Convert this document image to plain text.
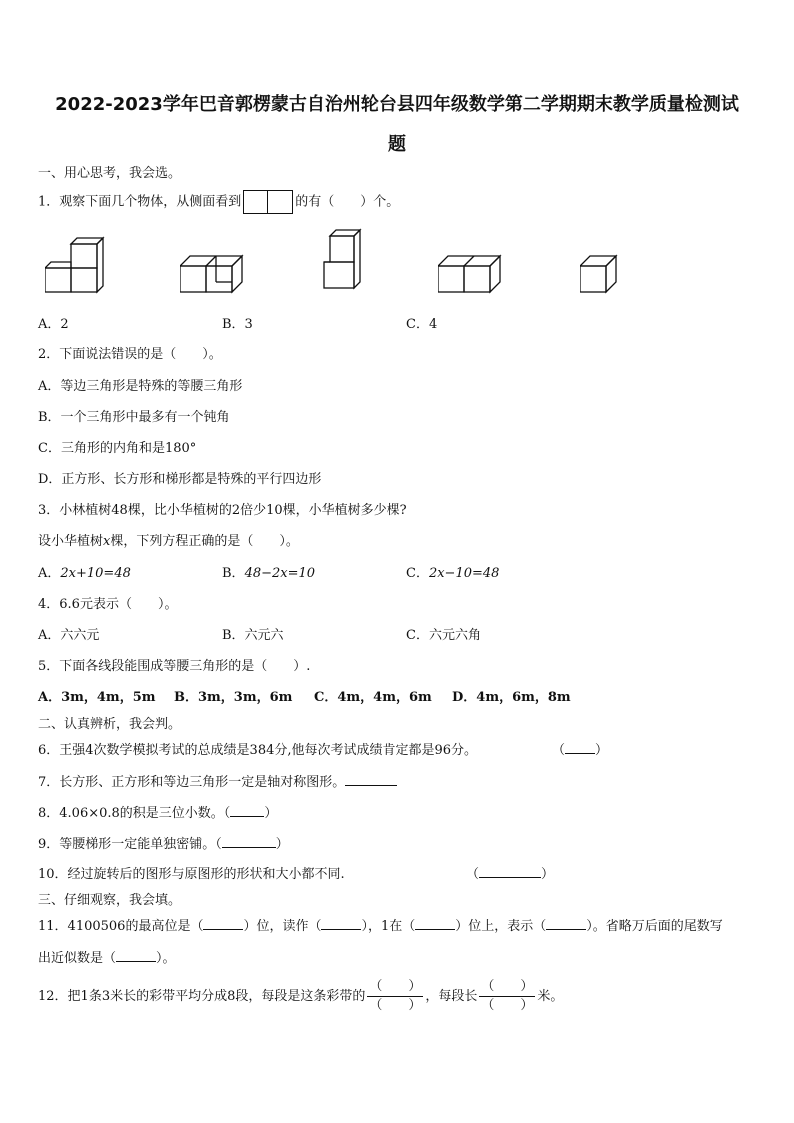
2022-2023学年巴音郭楞蒙古自治州轮台县四年级数学第二学期期末教学质量检测试
题
一、用心思考，我会选。
1．观察下面几个物体，从侧面看到	的有（　　）个。
A．2	B．3	C．4
2．下面说法错误的是（　　）。
A．等边三角形是特殊的等腰三角形
B．一个三角形中最多有一个钝角
C．三角形的内角和是180°
D．正方形、长方形和梯形都是特殊的平行四边形
3．小林植树48棵，比小华植树的2倍少10棵，小华植树多少棵?
设小华植树x棵，下列方程正确的是（　　）。
A．2x+10=48	B．48−2x=10	C．2x−10=48
4．6.6元表示（　　）。
A．六六元	B．六元六	C．六元六角
5．下面各线段能围成等腰三角形的是（　　）.
A．3m，4m，5m B．3m，3m，6m C．4m，4m，6m D．4m，6m，8m
二、认真辨析，我会判。
6．王强4次数学模拟考试的总成绩是384分,他每次考试成绩肯定都是96分。	（ ）
7．长方形、正方形和等边三角形一定是轴对称图形。
8．4.06×0.8的积是三位小数。（	）
9．等腰梯形一定能单独密铺。（	）
10．经过旋转后的图形与原图形的形状和大小都不同.	（	）
三、仔细观察，我会填。
11．4100506的最高位是（	）位，读作（	），1在（	）位上，表示（	）。省略万后面的尾数写
出近似数是（	）。
12．把1条3米长的彩带平均分成8段，每段是这条彩带的 $\frac{( )}{( )}$ ，每段长 $\frac{( )}{( )}$ 米。
